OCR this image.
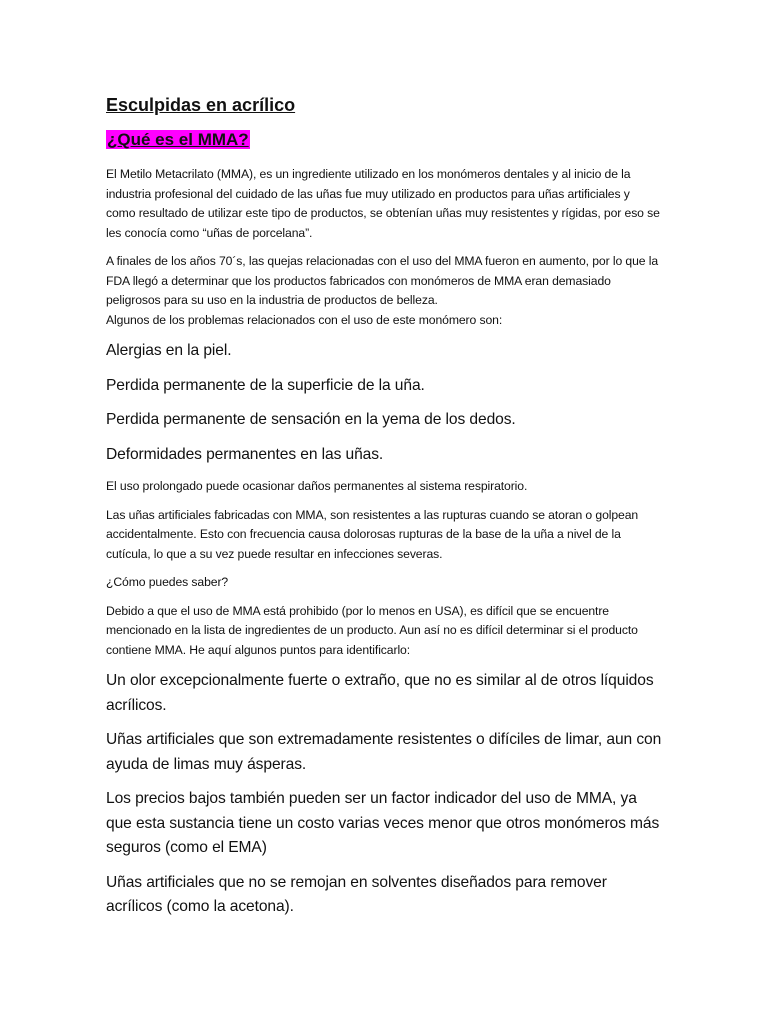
Esculpidas en acrílico

¿Qué es el MMA?

El Metilo Metacrilato (MMA), es un ingrediente utilizado en los monómeros dentales y al inicio de la industria profesional del cuidado de las uñas fue muy utilizado en productos para uñas artificiales y como resultado de utilizar este tipo de productos, se obtenían uñas muy resistentes y rígidas, por eso se les conocía como “uñas de porcelana”.

A finales de los años 70´s, las quejas relacionadas con el uso del MMA fueron en aumento, por lo que la FDA llegó a determinar que los productos fabricados con monómeros de MMA eran demasiado peligrosos para su uso en la industria de productos de belleza.

Algunos de los problemas relacionados con el uso de este monómero son:

Alergias en la piel.

Perdida permanente de la superficie de la uña.

Perdida permanente de sensación en la yema de los dedos.

Deformidades permanentes en las uñas.

El uso prolongado puede ocasionar daños permanentes al sistema respiratorio.

Las uñas artificiales fabricadas con MMA, son resistentes a las rupturas cuando se atoran o golpean accidentalmente. Esto con frecuencia causa dolorosas rupturas de la base de la uña a nivel de la cutícula, lo que a su vez puede resultar en infecciones severas.

¿Cómo puedes saber?

Debido a que el uso de MMA está prohibido (por lo menos en USA), es difícil que se encuentre mencionado en la lista de ingredientes de un producto. Aun así no es difícil determinar si el producto contiene MMA. He aquí algunos puntos para identificarlo:

Un olor excepcionalmente fuerte o extraño, que no es similar al de otros líquidos acrílicos.

Uñas artificiales que son extremadamente resistentes o difíciles de limar, aun con ayuda de limas muy ásperas.

Los precios bajos también pueden ser un factor indicador del uso de MMA, ya que esta sustancia tiene un costo varias veces menor que otros monómeros más seguros (como el EMA)

Uñas artificiales que no se remojan en solventes diseñados para remover acrílicos (como la acetona).
